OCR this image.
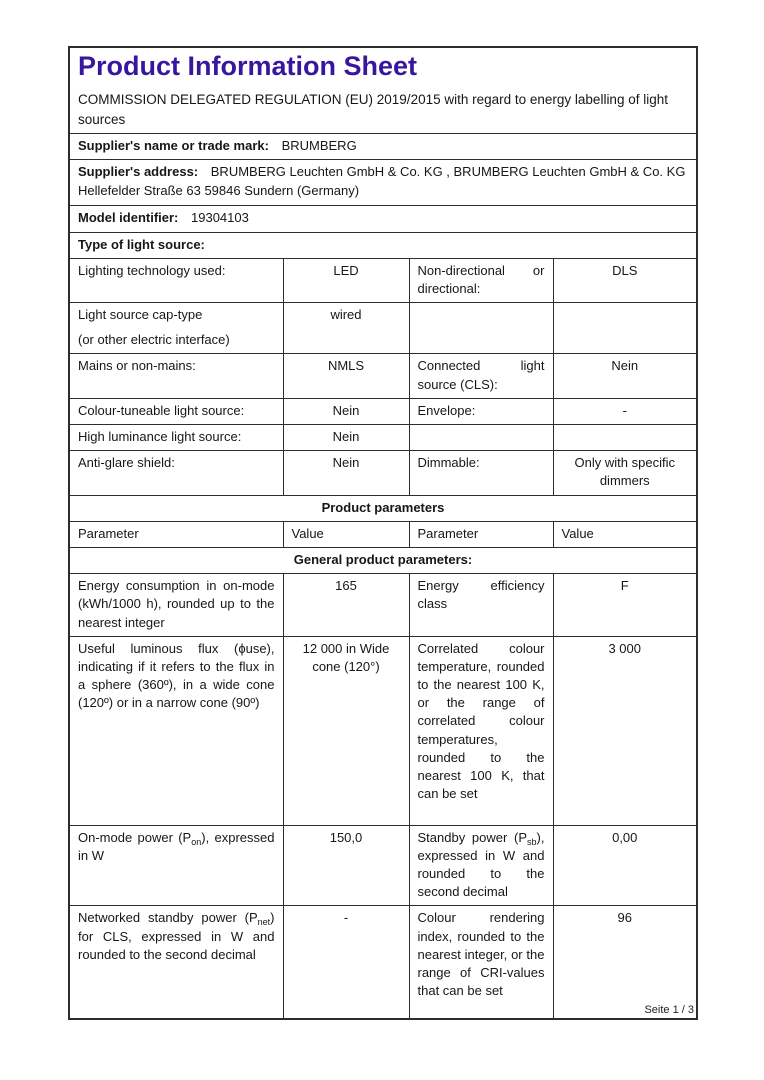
Product Information Sheet

COMMISSION DELEGATED REGULATION (EU) 2019/2015 with regard to energy labelling of light sources

Supplier's name or trade mark: BRUMBERG			
Supplier's address: BRUMBERG Leuchten GmbH & Co. KG , BRUMBERG Leuchten GmbH & Co. KG Hellefelder Straße 63 59846 Sundern (Germany)			
Model identifier: 19304103			
Type of light source:			
Lighting technology used:	LED	Non-directional or directional:	DLS

Light source cap-type
(or other electric interface)	wired		
Mains or non-mains:	NMLS	Connected light source (CLS):	Nein
Colour-tuneable light source:	Nein	Envelope:	-
High luminance light source:	Nein		
Anti-glare shield:	Nein	Dimmable:	Only with specific dimmers
Product parameters			
Parameter	Value	Parameter	Value
General product parameters:			
Energy consumption in on-mode (kWh/1000 h), rounded up to the nearest integer	165	Energy efficiency class	F
Useful luminous flux (ϕuse), indicating if it refers to the flux in a sphere (360º), in a wide cone (120º) or in a narrow cone (90º)	12 000 in Wide cone (120°)	Correlated colour temperature, rounded to the nearest 100 K, or the range of correlated colour temperatures, rounded to the nearest 100 K, that can be set	3 000
On-mode power $(P_{on})$, expressed in W	150,0	Standby power $(P_{sb})$, expressed in W and rounded to the second decimal	0,00
Networked standby power $(P_{net})$ for CLS, expressed in W and rounded to the second decimal	-	Colour rendering index, rounded to the nearest integer, or the range of CRI-values that can be set	96
Seite 1 / 3
